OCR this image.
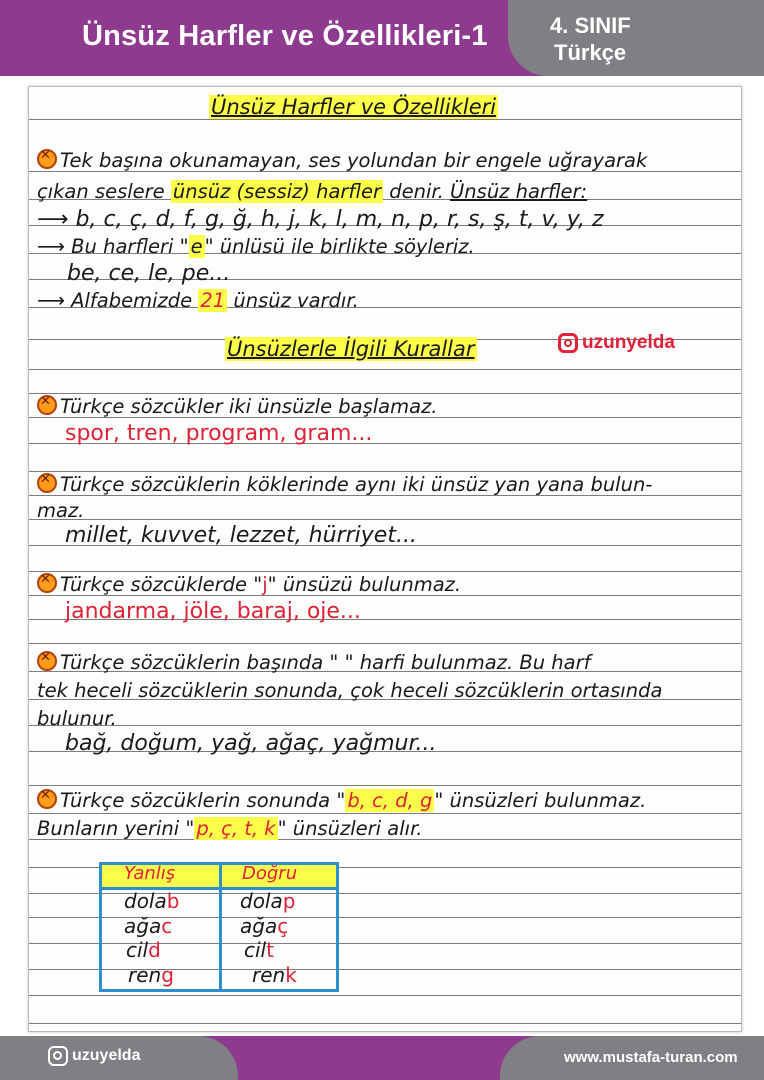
Ünsüz Harfler ve Özellikleri-1	4. SINIF
Türkçe
Ünsüz Harfler ve Özellikleri
✕Tek başına okunamayan, ses yolundan bir engele uğrayarak
çıkan seslere ünsüz (sessiz) harfler denir. Ünsüz harfler:
⟶ b, c, ç, d, f, g, ğ, h, j, k, l, m, n, p, r, s, ş, t, v, y, z
⟶ Bu harfleri " e " ünlüsü ile birlikte söyleriz.
be, ce, le, pe...
⟶ Alfabemizde 21 ünsüz vardır.
Ünsüzlerle İlgili Kurallar
✕Türkçe sözcükler iki ünsüzle başlamaz.
spor, tren, program, gram...
✕Türkçe sözcüklerin köklerinde aynı iki ünsüz yan yana bulun-
maz.
millet, kuvvet, lezzet, hürriyet...
✕Türkçe sözcüklerde "j" ünsüzü bulunmaz.
jandarma, jöle, baraj, oje...
✕Türkçe sözcüklerin başında " " harfi bulunmaz. Bu harf
tek heceli sözcüklerin sonunda, çok heceli sözcüklerin ortasında
bulunur.
bağ, doğum, yağ, ağaç, yağmur...
✕Türkçe sözcüklerin sonunda " b, c, d, g " ünsüzleri bulunmaz.
Bunların yerini " p, ç, t, k " ünsüzleri alır.
Yanlış	Doğru
dolab	dolap
ağac	ağaç
cild	cilt
reng	renk
uzunyelda
uzuyelda	www.mustafa-turan.com
